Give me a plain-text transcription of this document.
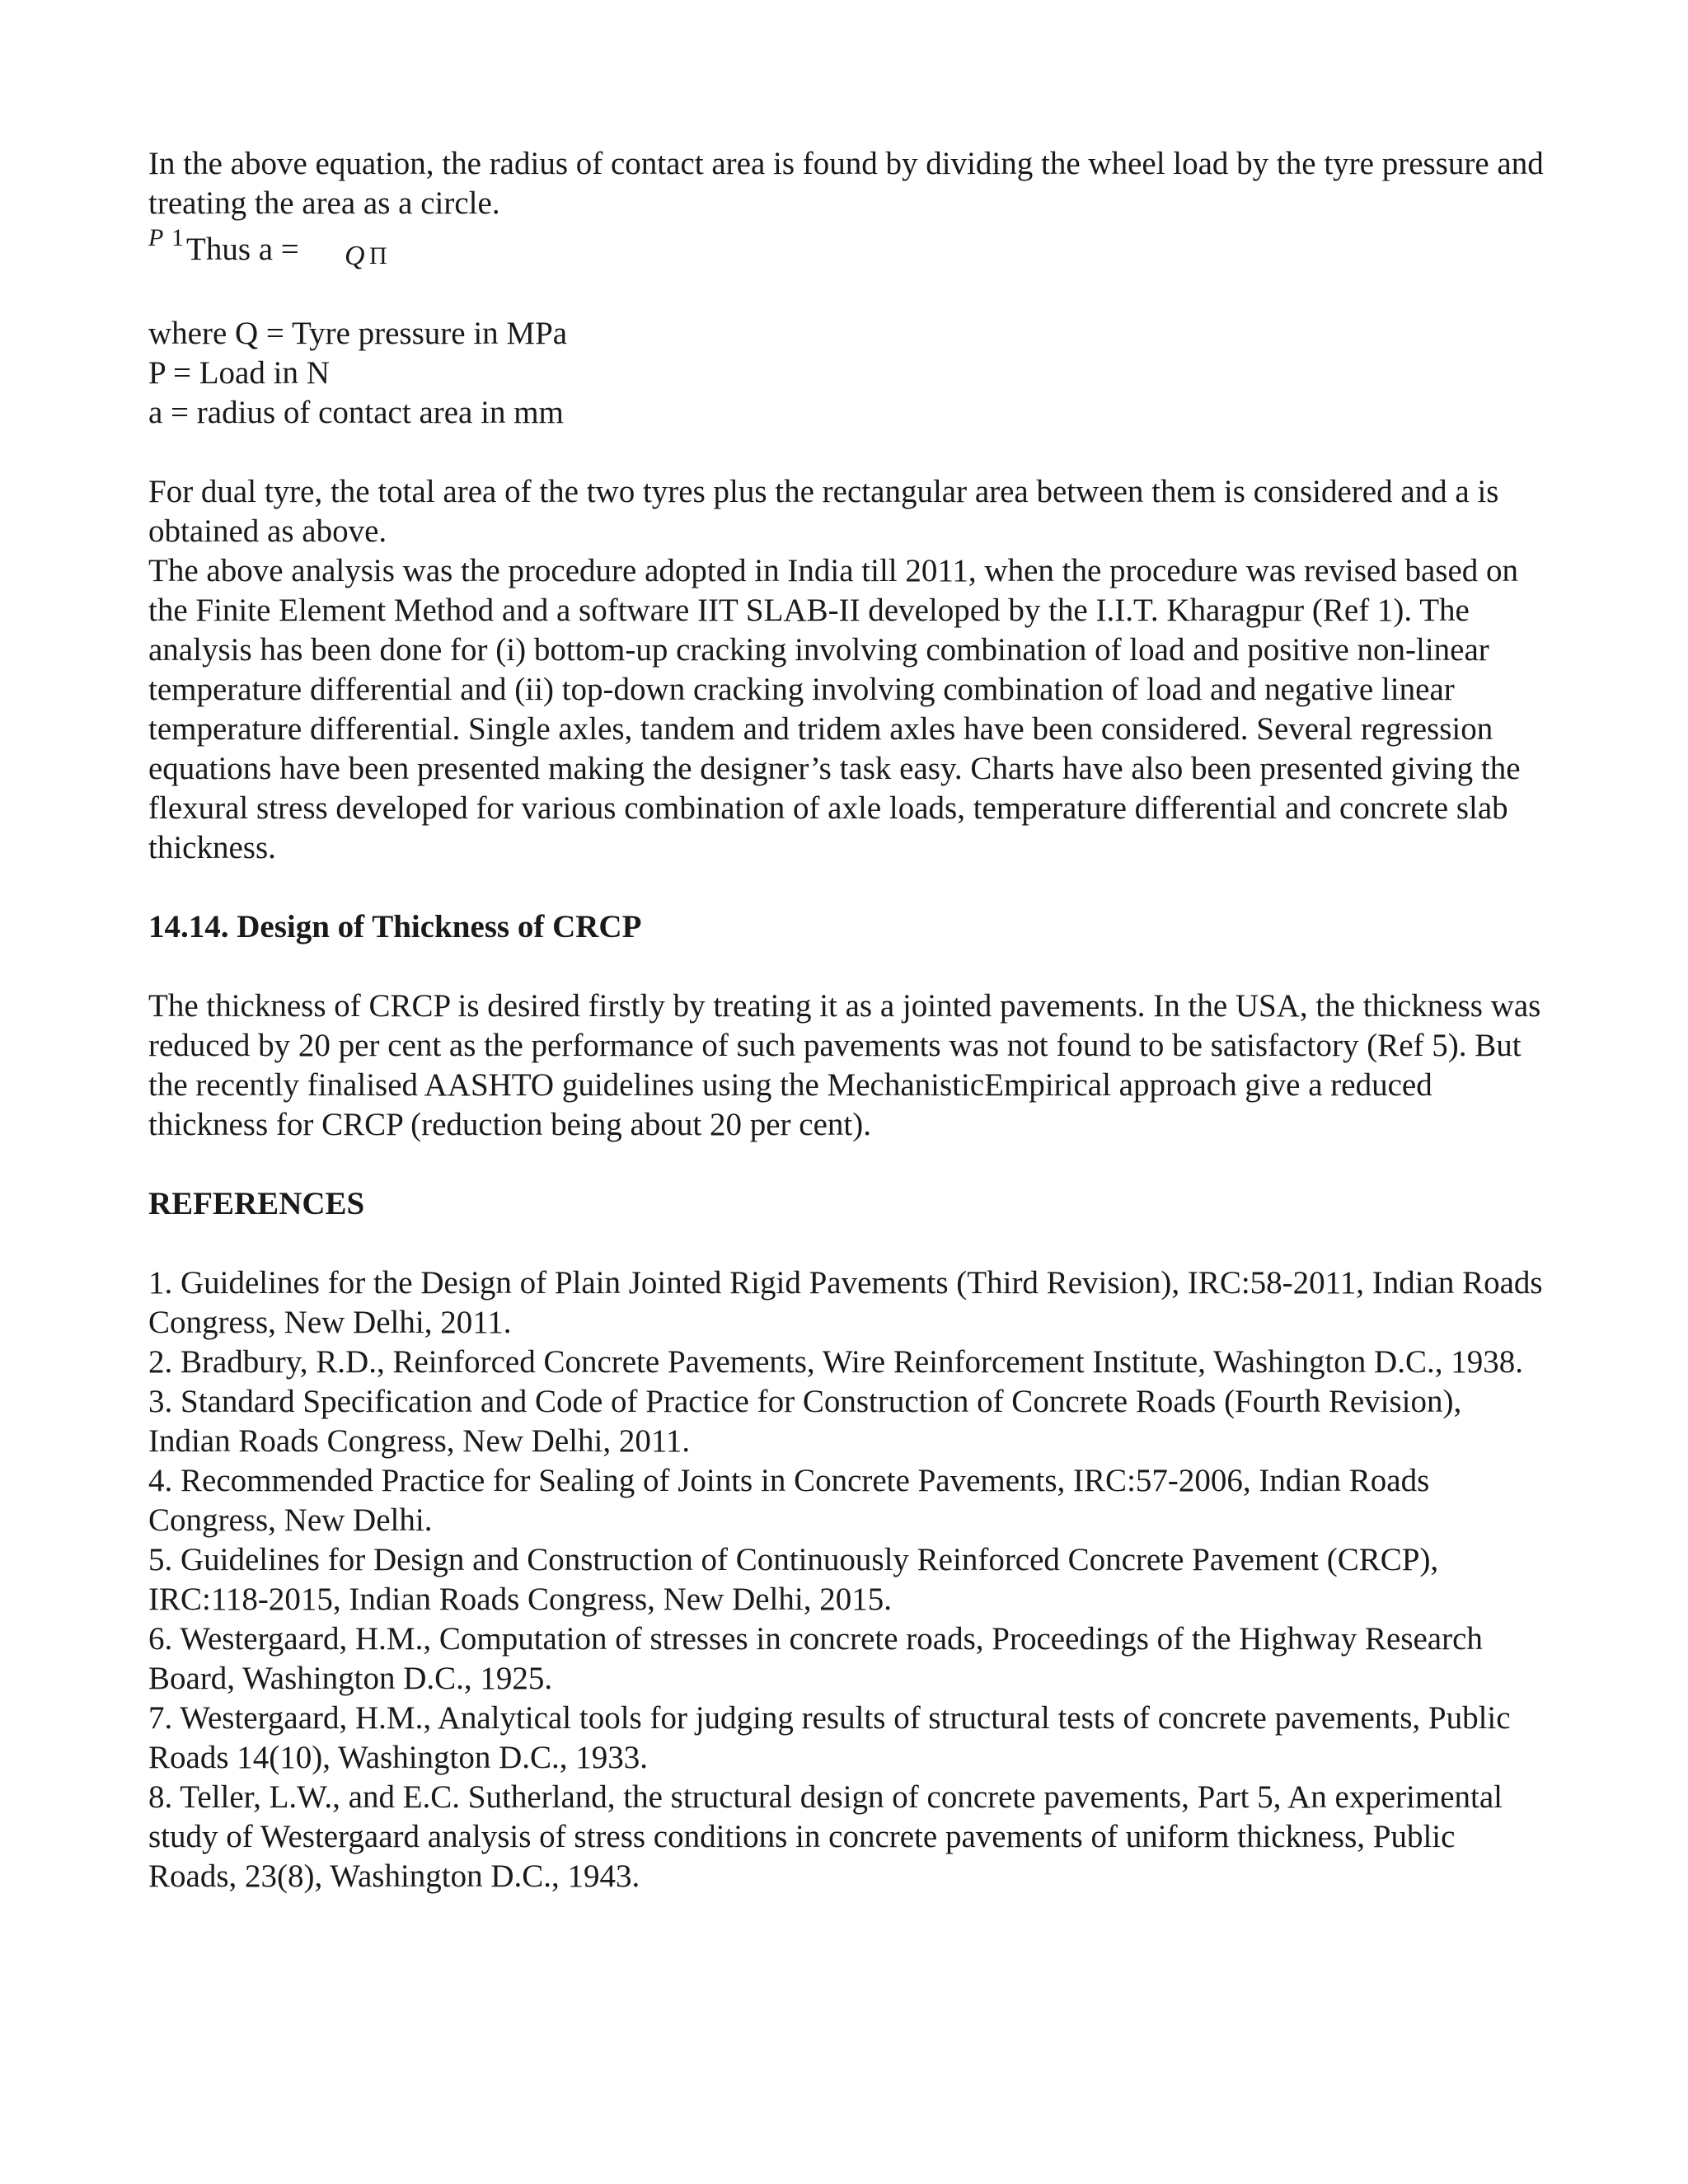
In the above equation, the radius of contact area is found by dividing the wheel load by the tyre pressure and treating the area as a circle.

P 1 Thus a = Q Π

where Q = Tyre pressure in MPa

P = Load in N

a = radius of contact area in mm

For dual tyre, the total area of the two tyres plus the rectangular area between them is considered and a is obtained as above.

The above analysis was the procedure adopted in India till 2011, when the procedure was revised based on the Finite Element Method and a software IIT SLAB-II developed by the I.I.T. Kharagpur (Ref 1). The analysis has been done for (i) bottom-up cracking involving combination of load and positive non-linear temperature differential and (ii) top-down cracking involving combination of load and negative linear temperature differential. Single axles, tandem and tridem axles have been considered. Several regression equations have been presented making the designer’s task easy. Charts have also been presented giving the flexural stress developed for various combination of axle loads, temperature differential and concrete slab thickness.

14.14. Design of Thickness of CRCP

The thickness of CRCP is desired firstly by treating it as a jointed pavements. In the USA, the thickness was reduced by 20 per cent as the performance of such pavements was not found to be satisfactory (Ref 5). But the recently finalised AASHTO guidelines using the MechanisticEmpirical approach give a reduced thickness for CRCP (reduction being about 20 per cent).

REFERENCES

1. Guidelines for the Design of Plain Jointed Rigid Pavements (Third Revision), IRC:58-2011, Indian Roads Congress, New Delhi, 2011.
2. Bradbury, R.D., Reinforced Concrete Pavements, Wire Reinforcement Institute, Washington D.C., 1938.
3. Standard Specification and Code of Practice for Construction of Concrete Roads (Fourth Revision), Indian Roads Congress, New Delhi, 2011.
4. Recommended Practice for Sealing of Joints in Concrete Pavements, IRC:57-2006, Indian Roads Congress, New Delhi.
5. Guidelines for Design and Construction of Continuously Reinforced Concrete Pavement (CRCP), IRC:118-2015, Indian Roads Congress, New Delhi, 2015.
6. Westergaard, H.M., Computation of stresses in concrete roads, Proceedings of the Highway Research Board, Washington D.C., 1925.
7. Westergaard, H.M., Analytical tools for judging results of structural tests of concrete pavements, Public Roads 14(10), Washington D.C., 1933.
8. Teller, L.W., and E.C. Sutherland, the structural design of concrete pavements, Part 5, An experimental study of Westergaard analysis of stress conditions in concrete pavements of uniform thickness, Public Roads, 23(8), Washington D.C., 1943.
